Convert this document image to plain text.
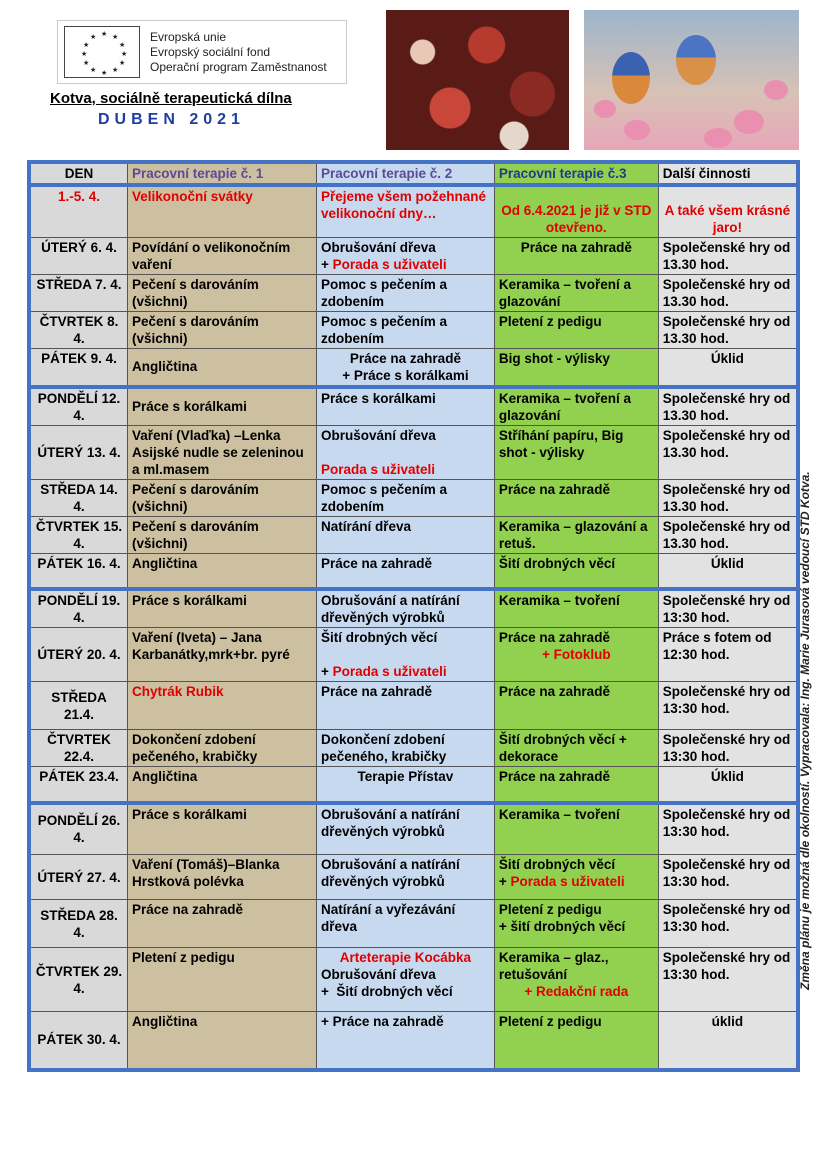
★ ★
★
★
★
★
★
★
★
★
★
★	Evropská unie
Evropský sociální fond
Operační program Zaměstnanost
Kotva, sociálně terapeutická dílna
DUBEN 2021
DEN	Pracovní terapie č. 1	Pracovní terapie č. 2	Pracovní terapie č.3	Další činnosti
1.-5. 4.	Velikonoční svátky	Přejeme všem požehnané velikonoční dny…	Od 6.4.2021 je již v STD otevřeno.	A také všem krásné jaro!
ÚTERÝ 6. 4.	Povídání o velikonočním vaření	Obrušování dřeva
+ Porada s uživateli	Práce na zahradě	Společenské hry od 13.30 hod.
STŘEDA 7. 4.	Pečení s darováním (všichni)	Pomoc s pečením a zdobením	Keramika – tvoření a glazování	Společenské hry od 13.30 hod.
ČTVRTEK 8. 4.	Pečení s darováním (všichni)	Pomoc s pečením a zdobením	Pletení z pedigu	Společenské hry od 13.30 hod.
PÁTEK 9. 4.	Angličtina	Práce na zahradě
+ Práce s korálkami	Big shot - výlisky	Úklid
PONDĚLÍ 12. 4.	Práce s korálkami	Práce s korálkami	Keramika – tvoření a glazování	Společenské hry od 13.30 hod.
ÚTERÝ 13. 4.	Vaření (Vlaďka) –Lenka Asijské nudle se zeleninou a ml.masem	Obrušování dřeva

Porada s uživateli	Stříhání papíru, Big shot - výlisky	Společenské hry od 13.30 hod.
STŘEDA 14. 4.	Pečení s darováním (všichni)	Pomoc s pečením a zdobením	Práce na zahradě	Společenské hry od 13.30 hod.
ČTVRTEK 15. 4.	Pečení s darováním (všichni)	Natírání dřeva	Keramika – glazování a retuš.	Společenské hry od 13.30 hod.
PÁTEK 16. 4.	Angličtina	Práce na zahradě	Šití drobných věcí	Úklid
PONDĚLÍ 19. 4.	Práce s korálkami	Obrušování a natírání dřevěných výrobků	Keramika – tvoření	Společenské hry od 13:30 hod.
ÚTERÝ 20. 4.	Vaření (Iveta) – Jana Karbanátky,mrk+br. pyré	Šití drobných věcí

+ Porada s uživateli	Práce na zahradě

+ Fotoklub	Práce s fotem od 12:30 hod.
STŘEDA 21.4.	Chytrák Rubik	Práce na zahradě	Práce na zahradě	Společenské hry od 13:30 hod.
ČTVRTEK 22.4.	Dokončení zdobení pečeného, krabičky	Dokončení zdobení pečeného, krabičky	Šití drobných věcí + dekorace	Společenské hry od 13:30 hod.
PÁTEK 23.4.	Angličtina	Terapie Přístav	Práce na zahradě	Úklid
PONDĚLÍ 26. 4.	Práce s korálkami	Obrušování a natírání dřevěných výrobků	Keramika – tvoření	Společenské hry od 13:30 hod.
ÚTERÝ 27. 4.	Vaření (Tomáš)–Blanka Hrstková polévka	Obrušování a natírání dřevěných výrobků	Šití drobných věcí
+ Porada s uživateli	Společenské hry od 13:30 hod.
STŘEDA 28. 4.	Práce na zahradě	Natírání a vyřezávání dřeva	Pletení z pedigu
+ šití drobných věcí	Společenské hry od 13:30 hod.
ČTVRTEK 29. 4.	Pletení z pedigu	Arteterapie Kocábka
Obrušování dřeva
+ Šití drobných věcí	Keramika – glaz., retušování

+ Redakční rada	Společenské hry od 13:30 hod.
PÁTEK 30. 4.	Angličtina	+ Práce na zahradě	Pletení z pedigu	úklid
Změna plánu je možná dle okolností. Vypracovala: Ing. Marie Jurasová vedoucí STD Kotva.
